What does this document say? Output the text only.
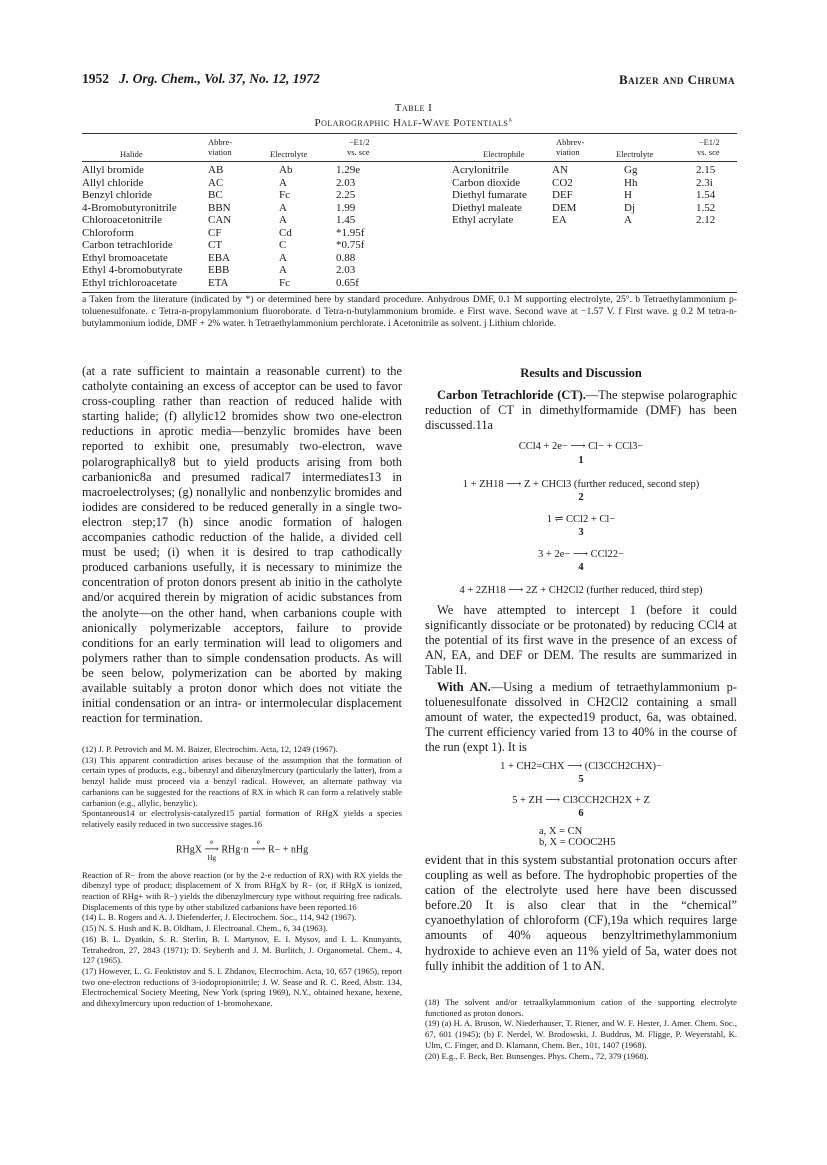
1952 J. Org. Chem., Vol. 37, No. 12, 1972	Baizer and Chruma
Table I
Polarographic Half-Wave Potentials$^a$
Halide
Abbre-
viation	Electrolyte
−E1/2
vs. sce	Electrophile
Abbrev-
viation	Electrolyte
−E1/2
vs. sce
Allyl bromide	AB	Ab	1.29e
Allyl chloride	AC	A	2.03
Benzyl chloride	BC	Fc	2.25
4-Bromobutyronitrile	BBN	A	1.99
Chloroacetonitrile	CAN	A	1.45
Chloroform	CF	Cd	*1.95f
Carbon tetrachloride	CT	C	*0.75f
Ethyl bromoacetate	EBA	A	0.88
Ethyl 4-bromobutyrate EBB	A	2.03
Ethyl trichloroacetate	ETA	Fc	0.65f
Acrylonitrile	AN	Gg	2.15
Carbon dioxide	CO2	Hh	2.3i
Diethyl fumarate DEF	H	1.54
Diethyl maleate	DEM	Dj	1.52
Ethyl acrylate	EA	A	2.12
a Taken from the literature (indicated by *) or determined here by standard procedure. Anhydrous DMF, 0.1 M supporting electrolyte, 25°. b Tetraethylammonium p-toluenesulfonate. c Tetra-n-propylammonium fluoroborate. d Tetra-n-butylammonium bromide. e First wave. Second wave at −1.57 V. f First wave. g 0.2 M tetra-n-butylammonium iodide, DMF + 2% water. h Tetraethylammonium perchlorate. i Acetonitrile as solvent. j Lithium chloride.

(at a rate sufficient to maintain a reasonable current) to the catholyte containing an excess of acceptor can be used to favor cross-coupling rather than reaction of reduced halide with starting halide; (f) allylic12 bromides show two one-electron reductions in aprotic media—benzylic bromides have been reported to exhibit one, presumably two-electron, wave polarographically8 but to yield products arising from both carbanionic8a and presumed radical7 intermediates13 in macroelectrolyses; (g) nonallylic and nonbenzylic bromides and iodides are considered to be reduced generally in a single two-electron step;17 (h) since anodic formation of halogen accompanies cathodic reduction of the halide, a divided cell must be used; (i) when it is desired to trap cathodically produced carbanions usefully, it is necessary to minimize the concentration of proton donors present ab initio in the catholyte and/or acquired therein by migration of acidic substances from the anolyte—on the other hand, when carbanions couple with anionically polymerizable acceptors, failure to provide conditions for an early termination will lead to oligomers and polymers rather than to simple condensation products. As will be seen below, polymerization can be aborted by making available suitably a proton donor which does not vitiate the initial condensation or an intra- or intermolecular displacement reaction for termination.

(12) J. P. Petrovich and M. M. Baizer, Electrochim. Acta, 12, 1249 (1967).

(13) This apparent contradiction arises because of the assumption that the formation of certain types of products, e.g., bibenzyl and dibenzylmercury (particularly the latter), from a benzyl halide must proceed via a benzyl radical. However, an alternate pathway via carbanions can be suggested for the reactions of RX in which R can form a relatively stable carbanion (e.g., allylic, benzylic).

Spontaneous14 or electrolysis-catalyzed15 partial formation of RHgX yields a species relatively easily reduced in two successive stages.16

RHgX e
⟶
Hg RHg·n e
⟶ R− + nHg

Reaction of R− from the above reaction (or by the 2-e reduction of RX) with RX yields the dibenzyl type of product; displacement of X from RHgX by R− (or, if RHgX is ionized, reaction of RHg+ with R−) yields the dibenzylmercury type without requiring free radicals. Displacements of this type by other stabilized carbanions have been reported.16

(14) L. B. Rogers and A. J. Diefenderfer, J. Electrochem. Soc., 114, 942 (1967).

(15) N. S. Hush and K. B. Oldham, J. Electroanal. Chem., 6, 34 (1963).

(16) B. L. Dyatkin, S. R. Sterlin, B. I. Martynov, E. I. Mysov, and I. L. Knunyants, Tetrahedron, 27, 2843 (1971); D. Seyberth and J. M. Burlitch, J. Organometal. Chem., 4, 127 (1965).

(17) However, L. G. Feoktistov and S. I. Zhdanov, Electrochim. Acta, 10, 657 (1965), report two one-electron reductions of 3-iodopropionitrile; J. W. Sease and R. C. Reed, Abstr. 134, Electrochemical Society Meeting, New York (spring 1969), N.Y., obtained hexane, hexene, and dihexylmercury upon reduction of 1-bromohexane.

Results and Discussion

Carbon Tetrachloride (CT).—The stepwise polarographic reduction of CT in dimethylformamide (DMF) has been discussed.11a

CCl4 + 2e− ⟶ Cl− + CCl3−
1
1 + ZH18 ⟶ Z + CHCl3 (further reduced, second step)
2
1 ⇌ CCl2 + Cl−
3
3 + 2e− ⟶ CCl22−
4
4 + 2ZH18 ⟶ 2Z + CH2Cl2 (further reduced, third step)

We have attempted to intercept 1 (before it could significantly dissociate or be protonated) by reducing CCl4 at the potential of its first wave in the presence of an excess of AN, EA, and DEF or DEM. The results are summarized in Table II.

With AN.—Using a medium of tetraethylammonium p-toluenesulfonate dissolved in CH2Cl2 containing a small amount of water, the expected19 product, 6a, was obtained. The current efficiency varied from 13 to 40% in the course of the run (expt 1). It is

1 + CH2=CHX ⟶ (Cl3CCH2CHX)−
5
5 + ZH ⟶ Cl3CCH2CH2X + Z
6
a, X = CN
b, X = COOC2H5

evident that in this system substantial protonation occurs after coupling as well as before. The hydrophobic properties of the cation of the electrolyte used here have been discussed before.20 It is also clear that in the “chemical” cyanoethylation of chloroform (CF),19a which requires large amounts of 40% aqueous benzyltrimethylammonium hydroxide to achieve even an 11% yield of 5a, water does not fully inhibit the addition of 1 to AN.

(18) The solvent and/or tetraalkylammonium cation of the supporting electrolyte functioned as proton donors.

(19) (a) H. A. Bruson, W. Niederhauser, T. Riener, and W. F. Hester, J. Amer. Chem. Soc., 67, 601 (1945); (b) F. Nerdel, W. Brodowski, J. Buddrus, M. Fligge, P. Weyerstahl, K. Ulm, C. Finger, and D. Klamann, Chem. Ber., 101, 1407 (1968).

(20) E.g., F. Beck, Ber. Bunsenges. Phys. Chem., 72, 379 (1968).
